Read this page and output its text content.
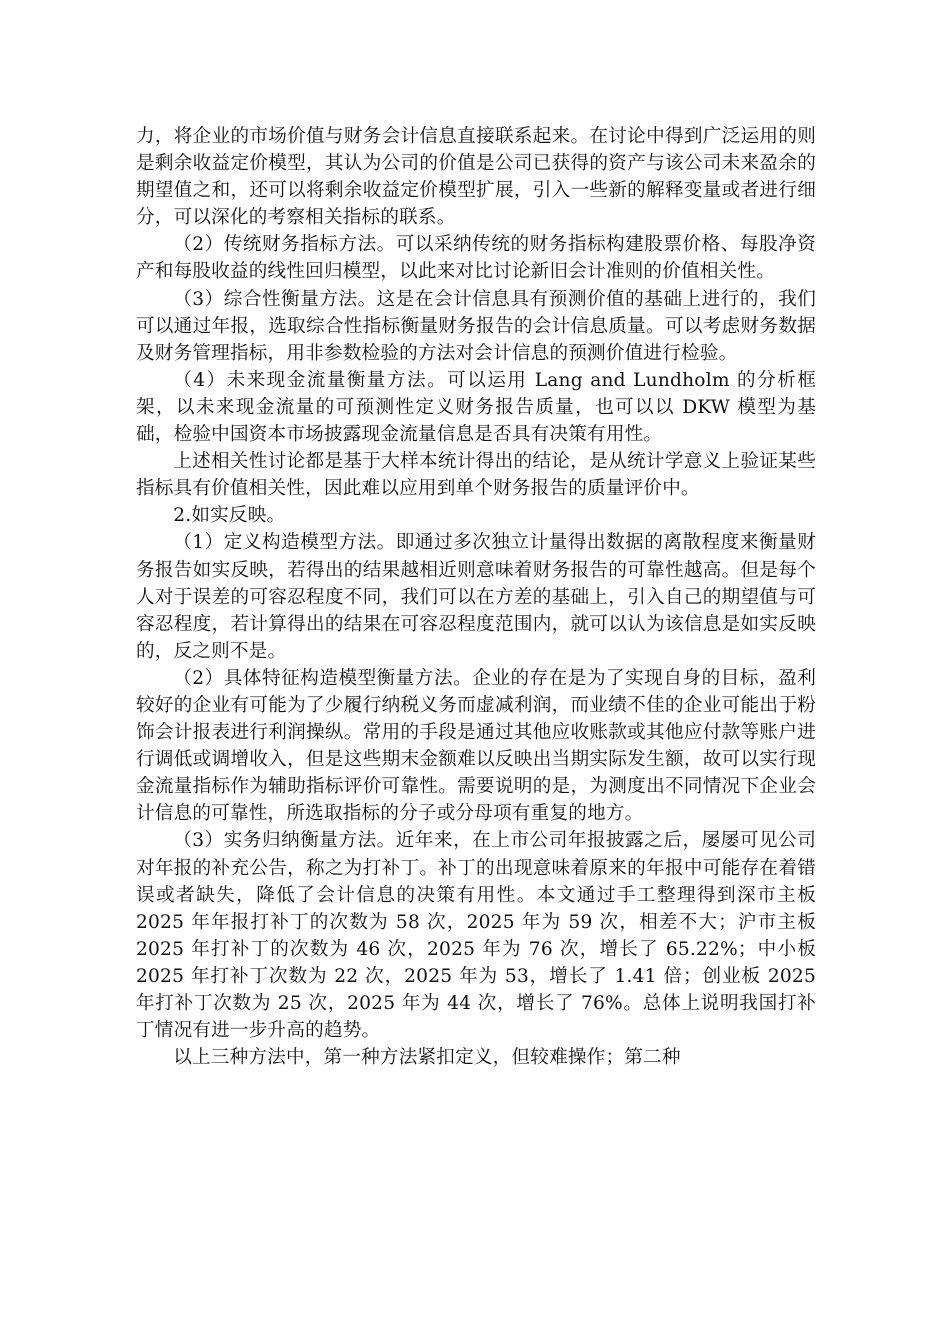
力，将企业的市场价值与财务会计信息直接联系起来。在讨论中得到广泛运用的则是剩余收益定价模型，其认为公司的价值是公司已获得的资产与该公司未来盈余的期望值之和，还可以将剩余收益定价模型扩展，引入一些新的解释变量或者进行细分，可以深化的考察相关指标的联系。

（2）传统财务指标方法。可以采纳传统的财务指标构建股票价格、每股净资产和每股收益的线性回归模型，以此来对比讨论新旧会计准则的价值相关性。

（3）综合性衡量方法。这是在会计信息具有预测价值的基础上进行的，我们可以通过年报，选取综合性指标衡量财务报告的会计信息质量。可以考虑财务数据及财务管理指标，用非参数检验的方法对会计信息的预测价值进行检验。

（4）未来现金流量衡量方法。可以运用 Lang and Lundholm 的分析框架，以未来现金流量的可预测性定义财务报告质量，也可以以 DKW 模型为基础，检验中国资本市场披露现金流量信息是否具有决策有用性。

上述相关性讨论都是基于大样本统计得出的结论，是从统计学意义上验证某些指标具有价值相关性，因此难以应用到单个财务报告的质量评价中。

2.如实反映。

（1）定义构造模型方法。即通过多次独立计量得出数据的离散程度来衡量财务报告如实反映，若得出的结果越相近则意味着财务报告的可靠性越高。但是每个人对于误差的可容忍程度不同，我们可以在方差的基础上，引入自己的期望值与可容忍程度，若计算得出的结果在可容忍程度范围内，就可以认为该信息是如实反映的，反之则不是。

（2）具体特征构造模型衡量方法。企业的存在是为了实现自身的目标，盈利较好的企业有可能为了少履行纳税义务而虚减利润，而业绩不佳的企业可能出于粉饰会计报表进行利润操纵。常用的手段是通过其他应收账款或其他应付款等账户进行调低或调增收入，但是这些期末金额难以反映出当期实际发生额，故可以实行现金流量指标作为辅助指标评价可靠性。需要说明的是，为测度出不同情况下企业会计信息的可靠性，所选取指标的分子或分母项有重复的地方。

（3）实务归纳衡量方法。近年来，在上市公司年报披露之后，屡屡可见公司对年报的补充公告，称之为打补丁。补丁的出现意味着原来的年报中可能存在着错误或者缺失，降低了会计信息的决策有用性。本文通过手工整理得到深市主板 2025 年年报打补丁的次数为 58 次，2025 年为 59 次，相差不大；沪市主板 2025 年打补丁的次数为 46 次，2025 年为 76 次，增长了 65.22%；中小板 2025 年打补丁次数为 22 次，2025 年为 53，增长了 1.41 倍；创业板 2025 年打补丁次数为 25 次，2025 年为 44 次，增长了 76%。总体上说明我国打补丁情况有进一步升高的趋势。

以上三种方法中，第一种方法紧扣定义，但较难操作；第二种
